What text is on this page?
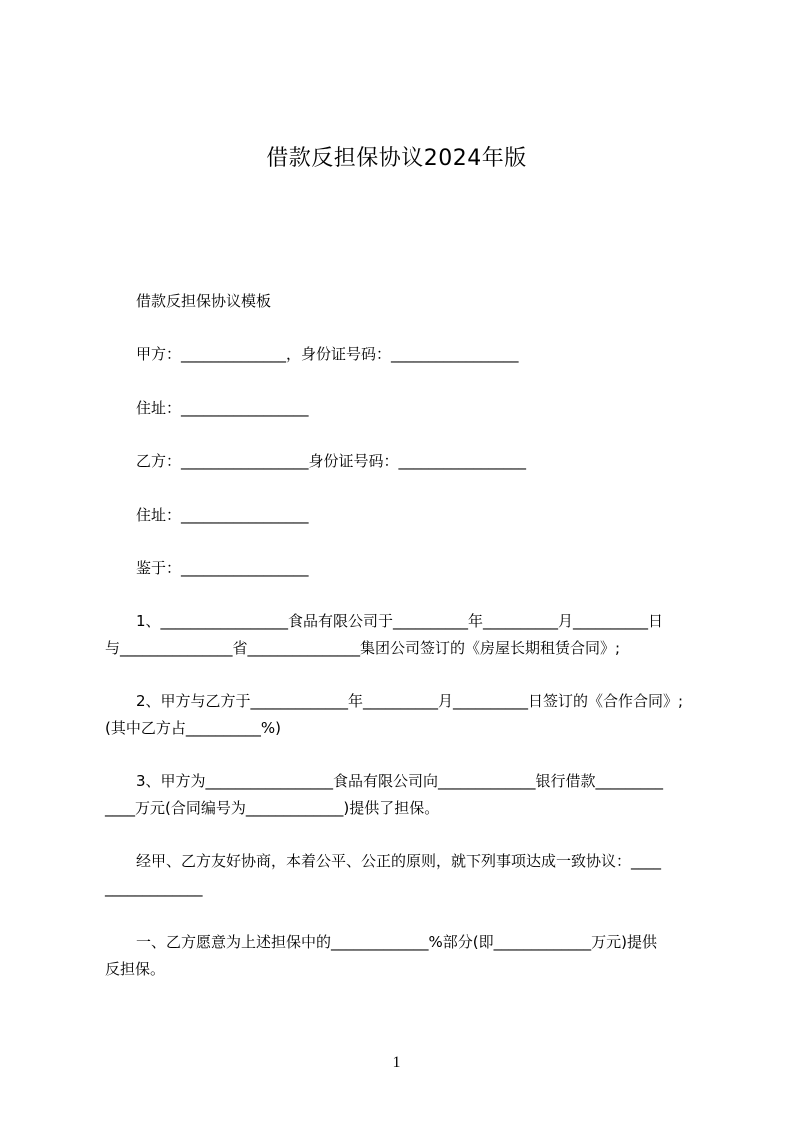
借款反担保协议2024年版
借款反担保协议模板
甲方：______________，身份证号码：_________________
住址：_________________
乙方：_________________身份证号码：_________________
住址：_________________
鉴于：_________________
1、_________________食品有限公司于__________年__________月__________日
与_______________省_______________集团公司签订的《房屋长期租赁合同》;
2、甲方与乙方于_____________年__________月__________日签订的《合作合同》;
(其中乙方占__________%)
3、甲方为_________________食品有限公司向_____________银行借款_________
____万元(合同编号为_____________)提供了担保。
经甲、乙方友好协商，本着公平、公正的原则，就下列事项达成一致协议：____
_____________
一、乙方愿意为上述担保中的_____________%部分(即_____________万元)提供
反担保。
1
